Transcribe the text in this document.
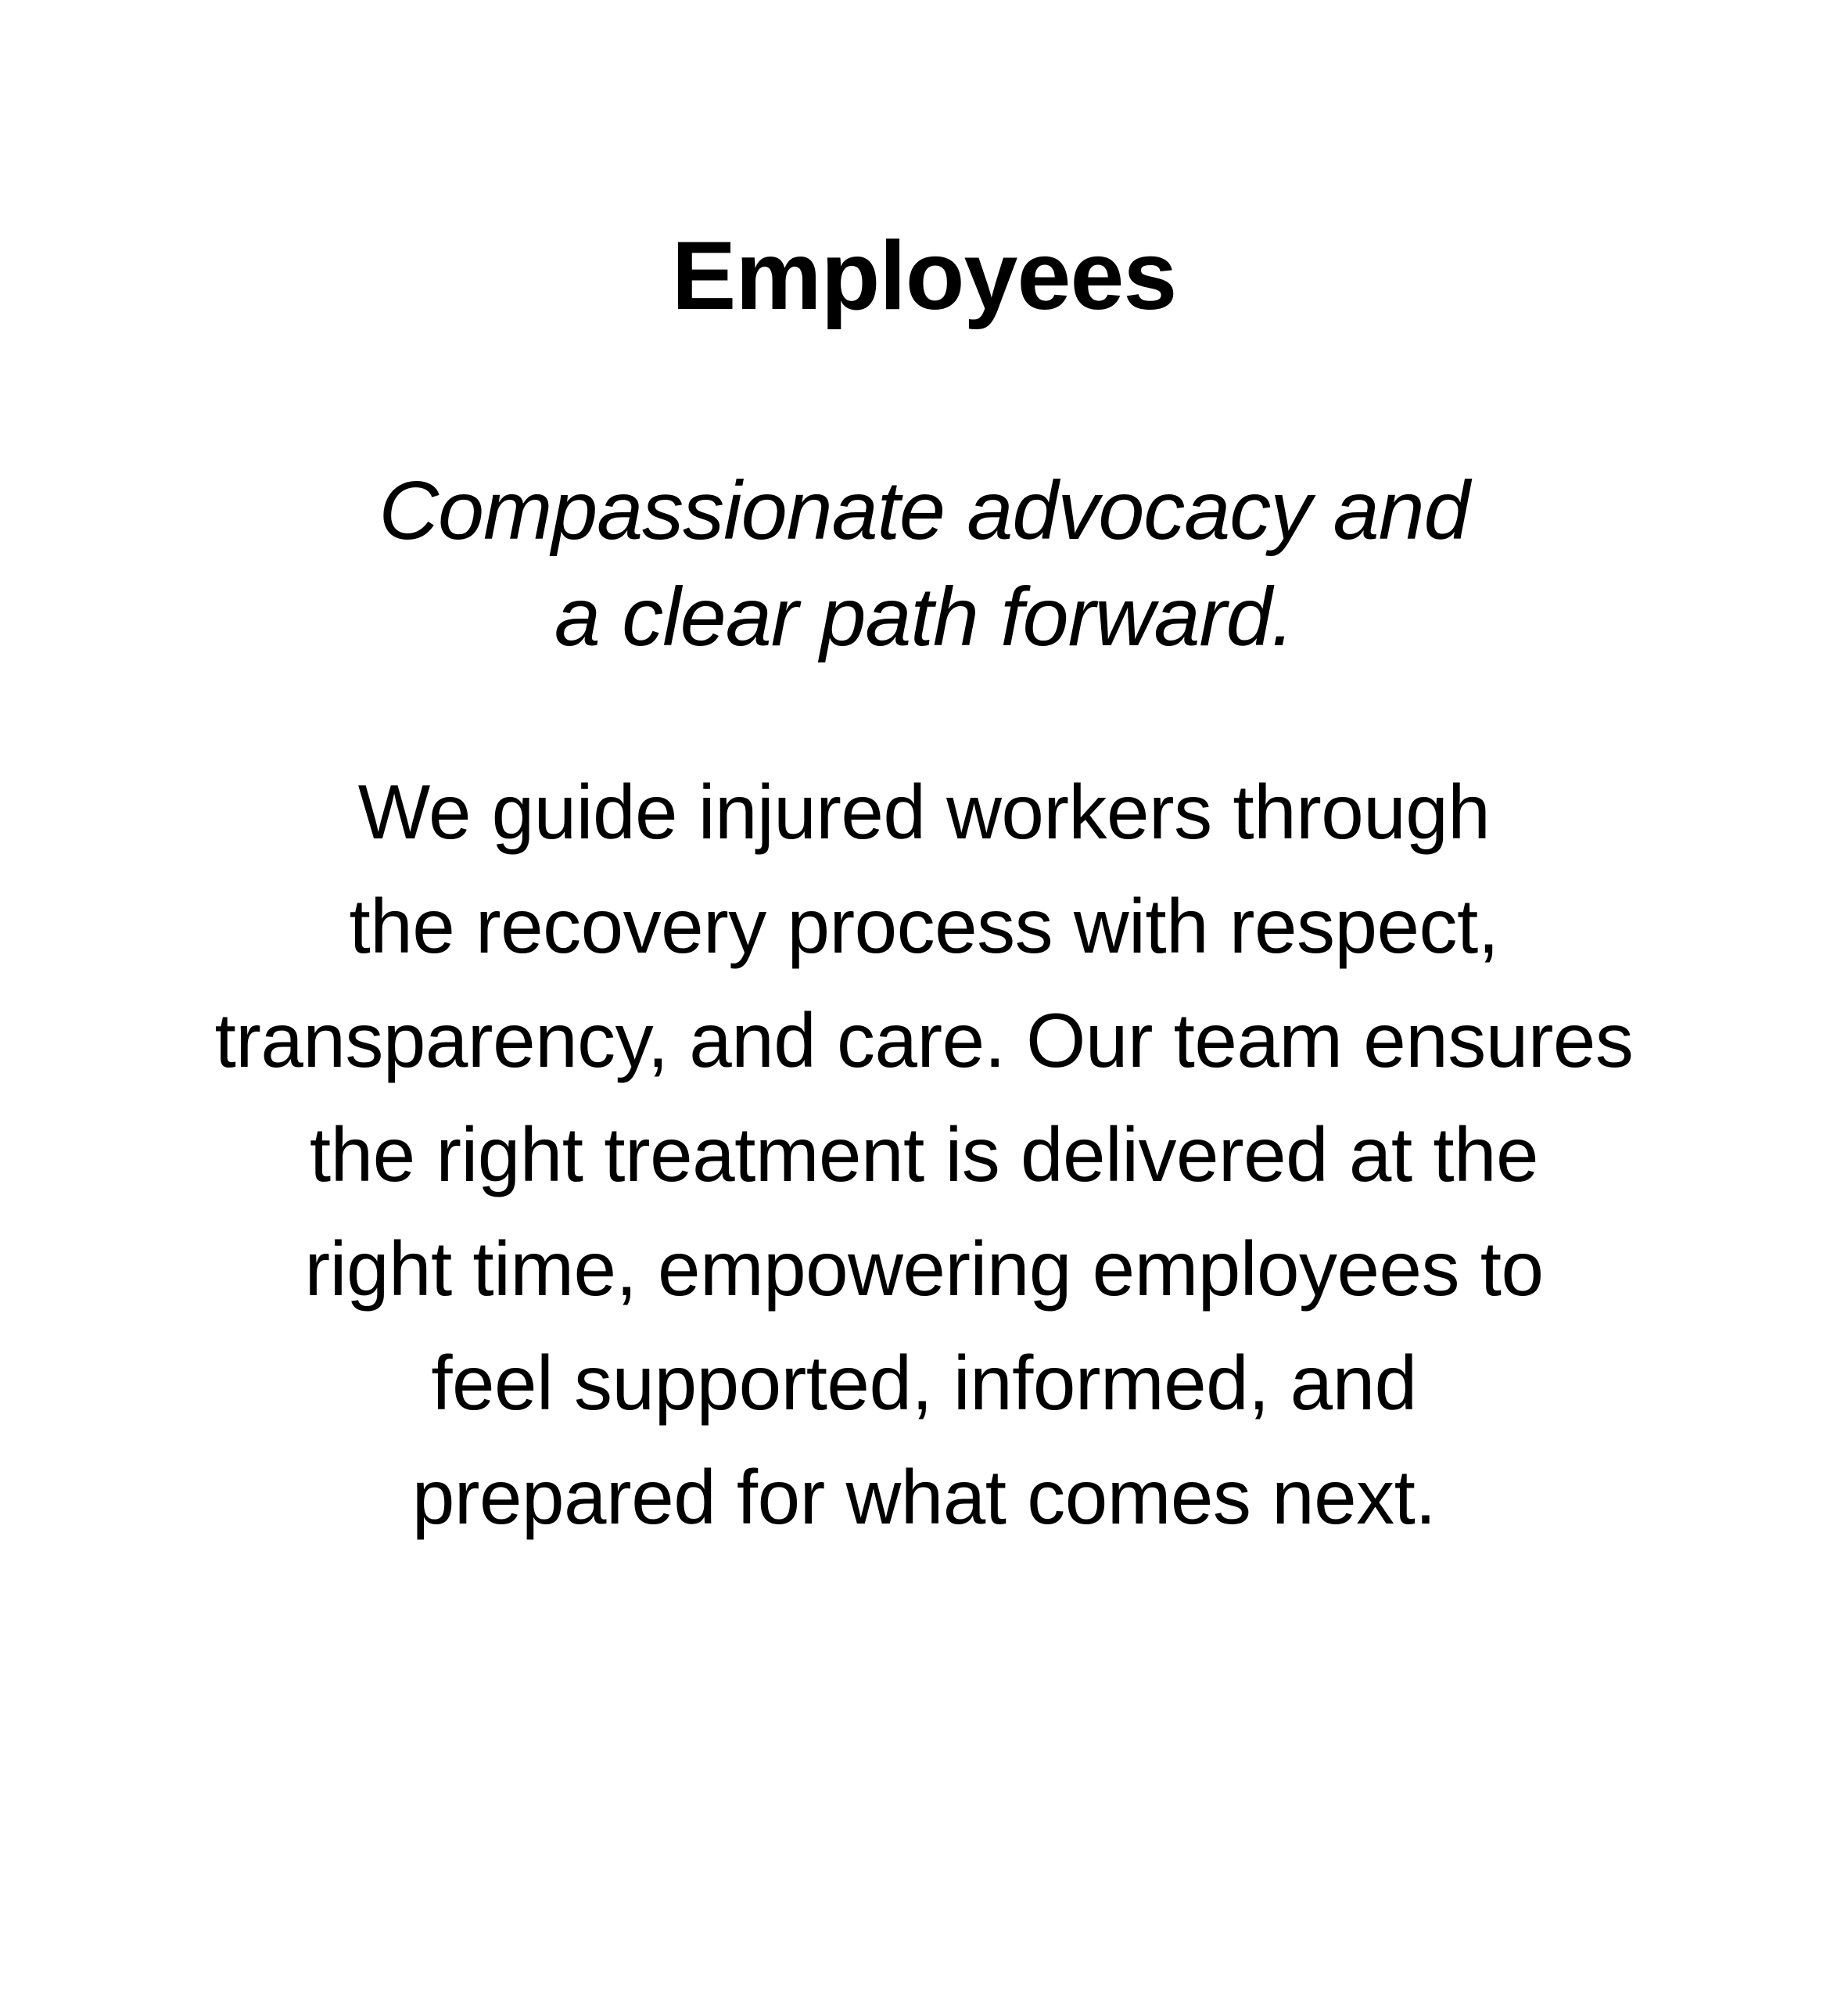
Employees

Compassionate advocacy and
a clear path forward.

We guide injured workers through
the recovery process with respect,
transparency, and care. Our team ensures
the right treatment is delivered at the
right time, empowering employees to
feel supported, informed, and
prepared for what comes next.
